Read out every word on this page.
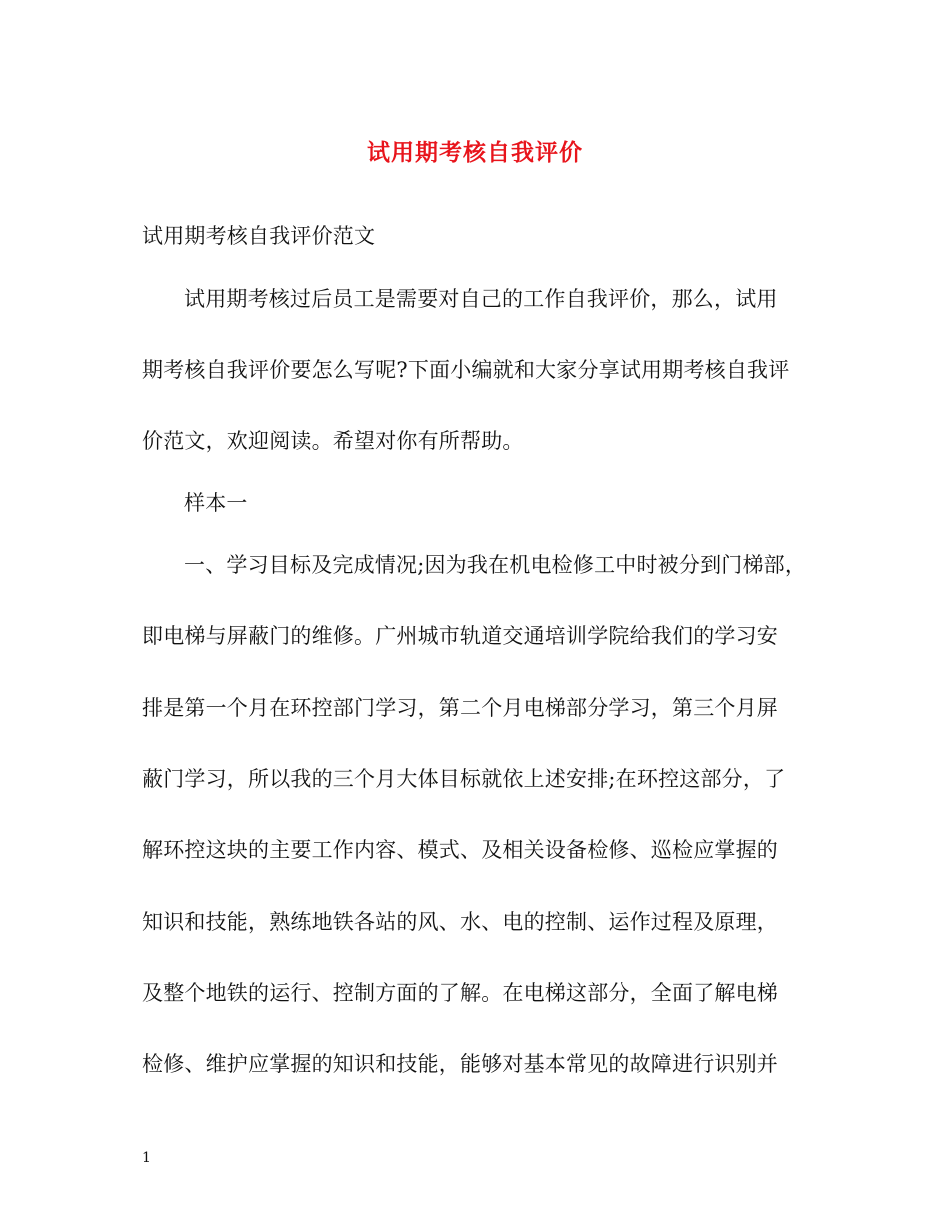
试用期考核自我评价
试用期考核自我评价范文
试用期考核过后员工是需要对自己的工作自我评价，那么，试用
期考核自我评价要怎么写呢?下面小编就和大家分享试用期考核自我评
价范文，欢迎阅读。希望对你有所帮助。
样本一
一、学习目标及完成情况;因为我在机电检修工中时被分到门梯部，
即电梯与屏蔽门的维修。广州城市轨道交通培训学院给我们的学习安
排是第一个月在环控部门学习，第二个月电梯部分学习，第三个月屏
蔽门学习，所以我的三个月大体目标就依上述安排;在环控这部分，了
解环控这块的主要工作内容、模式、及相关设备检修、巡检应掌握的
知识和技能，熟练地铁各站的风、水、电的控制、运作过程及原理，
及整个地铁的运行、控制方面的了解。在电梯这部分，全面了解电梯
检修、维护应掌握的知识和技能，能够对基本常见的故障进行识别并
1
